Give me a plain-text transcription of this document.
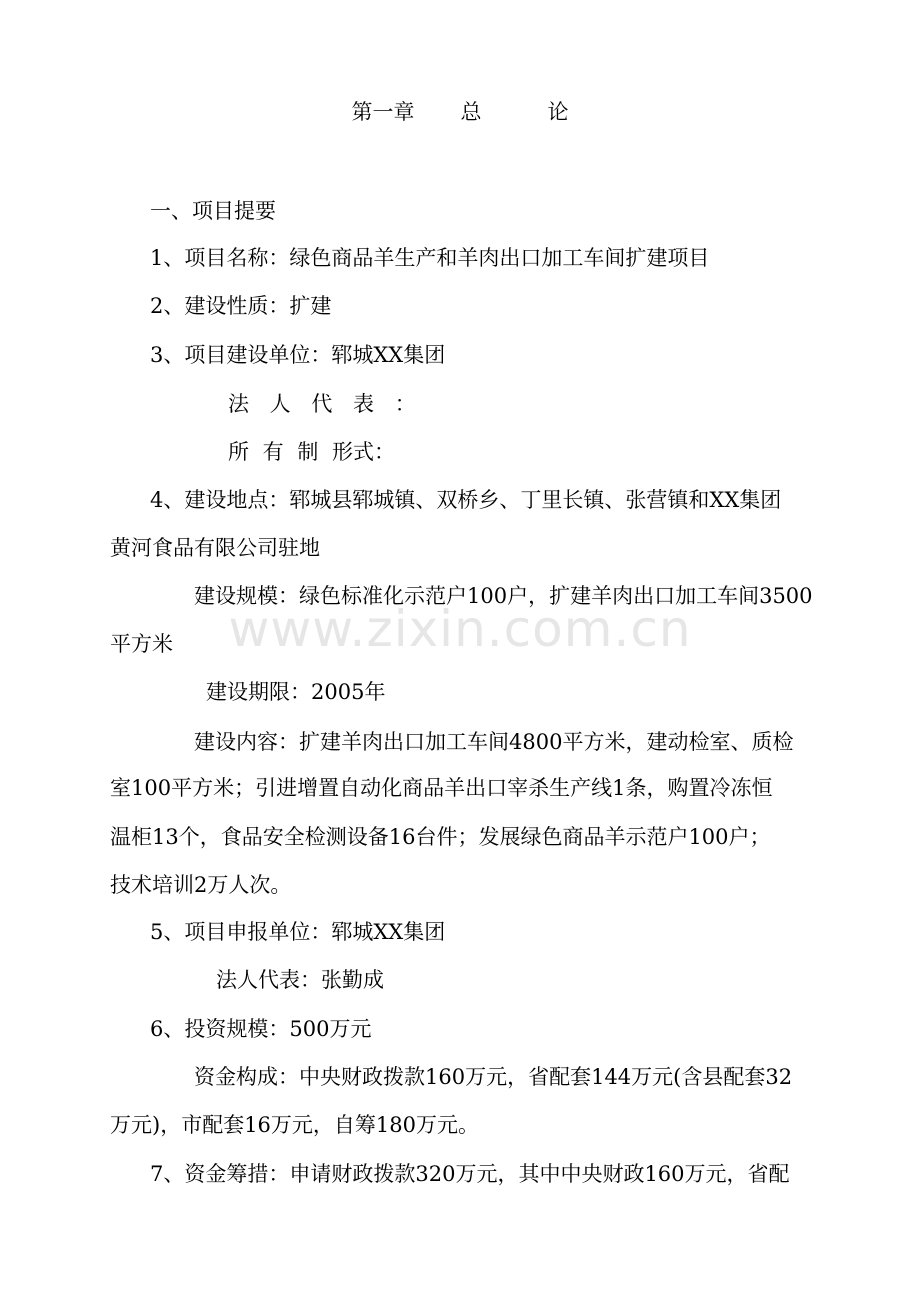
www.zixin.com.cn
第一章 总	论
一、项目提要
1、项目名称：绿色商品羊生产和羊肉出口加工车间扩建项目
2、建设性质：扩建
3、项目建设单位：郓城XX集团
法 人 代 表 ：
所 有 制 形式：
4、建设地点：郓城县郓城镇、双桥乡、丁里长镇、张营镇和XX集团
黄河食品有限公司驻地
建设规模：绿色标准化示范户100户，扩建羊肉出口加工车间3500
平方米
建设期限：2005年
建设内容：扩建羊肉出口加工车间4800平方米，建动检室、质检
室100平方米；引进增置自动化商品羊出口宰杀生产线1条，购置冷冻恒
温柜13个，食品安全检测设备16台件；发展绿色商品羊示范户100户；
技术培训2万人次。
5、项目申报单位：郓城XX集团
法人代表：张勤成
6、投资规模：500万元
资金构成：中央财政拨款160万元，省配套144万元(含县配套32
万元)，市配套16万元，自筹180万元。
7、资金筹措：申请财政拨款320万元，其中中央财政160万元，省配
